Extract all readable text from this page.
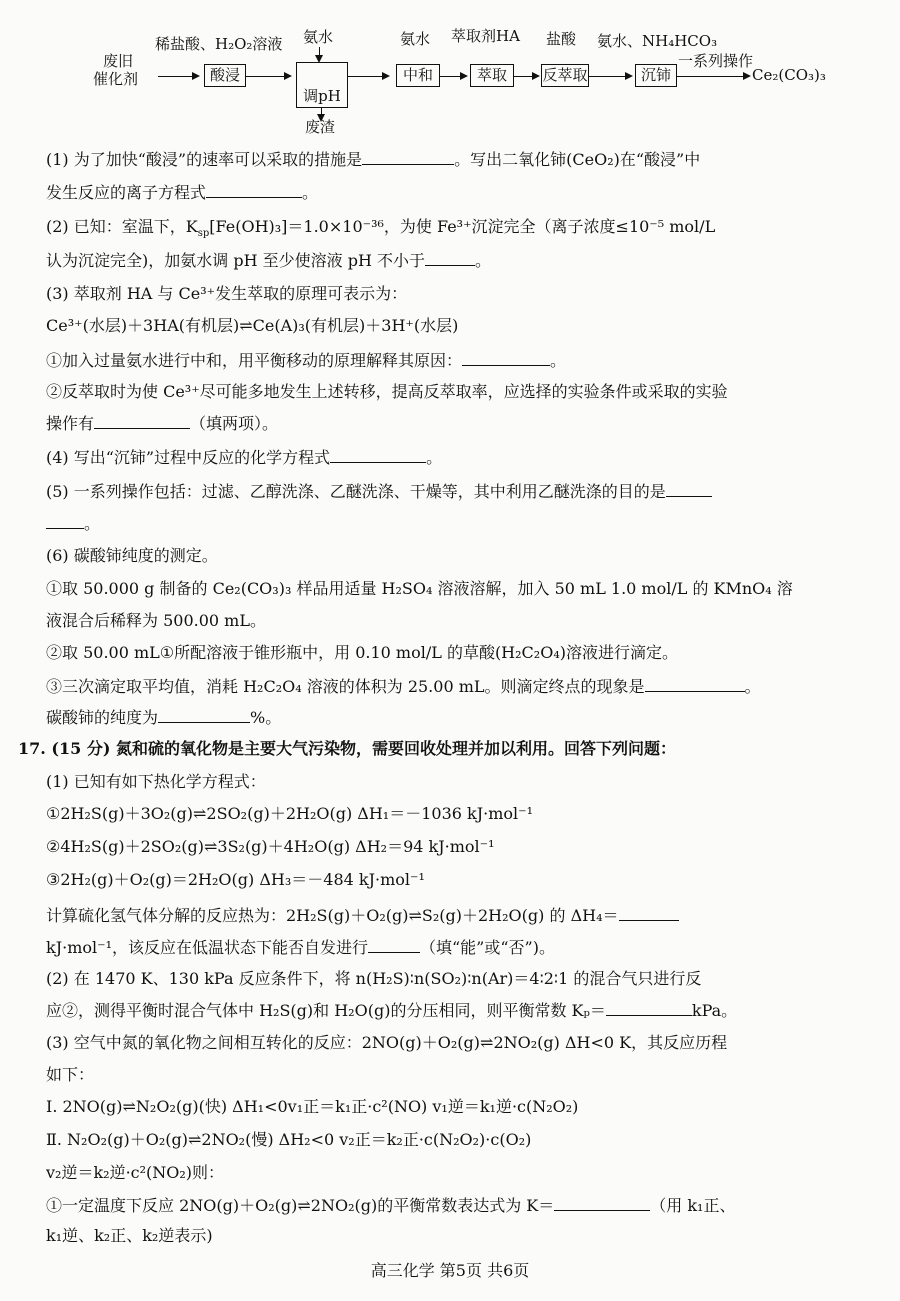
废旧
催化剂
稀盐酸、H₂O₂溶液
酸浸
氨水

调pH
废渣
氨水
中和
萃取剂HA
萃取
盐酸
反萃取
氨水、NH₄HCO₃
沉铈
一系列操作
Ce₂(CO₃)₃
(1) 为了加快“酸浸”的速率可以采取的措施是	。写出二氧化铈(CeO₂)在“酸浸”中
发生反应的离子方程式	。
(2) 已知：室温下，$K_{sp}[Fe(OH)_3]=1.0\times 10^{-36}$，为使 Fe³⁺沉淀完全（离子浓度≤10⁻⁵ mol/L
认为沉淀完全)，加氨水调 pH 至少使溶液 pH 不小于	。
(3) 萃取剂 HA 与 Ce³⁺发生萃取的原理可表示为：
Ce³⁺(水层)＋3HA(有机层)⇌Ce(A)₃(有机层)＋3H⁺(水层)
①加入过量氨水进行中和，用平衡移动的原理解释其原因：	。
②反萃取时为使 Ce³⁺尽可能多地发生上述转移，提高反萃取率，应选择的实验条件或采取的实验
操作有	（填两项）。
(4) 写出“沉铈”过程中反应的化学方程式	。
(5) 一系列操作包括：过滤、乙醇洗涤、乙醚洗涤、干燥等，其中利用乙醚洗涤的目的是
。
(6) 碳酸铈纯度的测定。
①取 50.000 g 制备的 Ce₂(CO₃)₃ 样品用适量 H₂SO₄ 溶液溶解，加入 50 mL 1.0 mol/L 的 KMnO₄ 溶
液混合后稀释为 500.00 mL。
②取 50.00 mL①所配溶液于锥形瓶中，用 0.10 mol/L 的草酸(H₂C₂O₄)溶液进行滴定。
③三次滴定取平均值，消耗 H₂C₂O₄ 溶液的体积为 25.00 mL。则滴定终点的现象是	。
碳酸铈的纯度为	%。
17. (15 分) 氮和硫的氧化物是主要大气污染物，需要回收处理并加以利用。回答下列问题：
(1) 已知有如下热化学方程式：
①2H₂S(g)＋3O₂(g)⇌2SO₂(g)＋2H₂O(g) ΔH₁＝－1036 kJ·mol⁻¹
②4H₂S(g)＋2SO₂(g)⇌3S₂(g)＋4H₂O(g) ΔH₂＝94 kJ·mol⁻¹
③2H₂(g)＋O₂(g)＝2H₂O(g) ΔH₃＝－484 kJ·mol⁻¹
计算硫化氢气体分解的反应热为：2H₂S(g)＋O₂(g)⇌S₂(g)＋2H₂O(g) 的 ΔH₄＝
kJ·mol⁻¹，该反应在低温状态下能否自发进行	（填“能”或“否”)。
(2) 在 1470 K、130 kPa 反应条件下，将 n(H₂S)∶n(SO₂)∶n(Ar)＝4∶2∶1 的混合气只进行反
应②，测得平衡时混合气体中 H₂S(g)和 H₂O(g)的分压相同，则平衡常数 Kₚ＝	kPa。
(3) 空气中氮的氧化物之间相互转化的反应：2NO(g)＋O₂(g)⇌2NO₂(g) ΔH<0 K，其反应历程
如下：
Ⅰ. 2NO(g)⇌N₂O₂(g)(快) ΔH₁<0v₁正＝k₁正·c²(NO) v₁逆＝k₁逆·c(N₂O₂)
Ⅱ. N₂O₂(g)＋O₂(g)⇌2NO₂(慢) ΔH₂<0 v₂正＝k₂正·c(N₂O₂)·c(O₂)
v₂逆＝k₂逆·c²(NO₂)则：
①一定温度下反应 2NO(g)＋O₂(g)⇌2NO₂(g)的平衡常数表达式为 K＝	（用 k₁正、
k₁逆、k₂正、k₂逆表示)
高三化学 第5页 共6页
